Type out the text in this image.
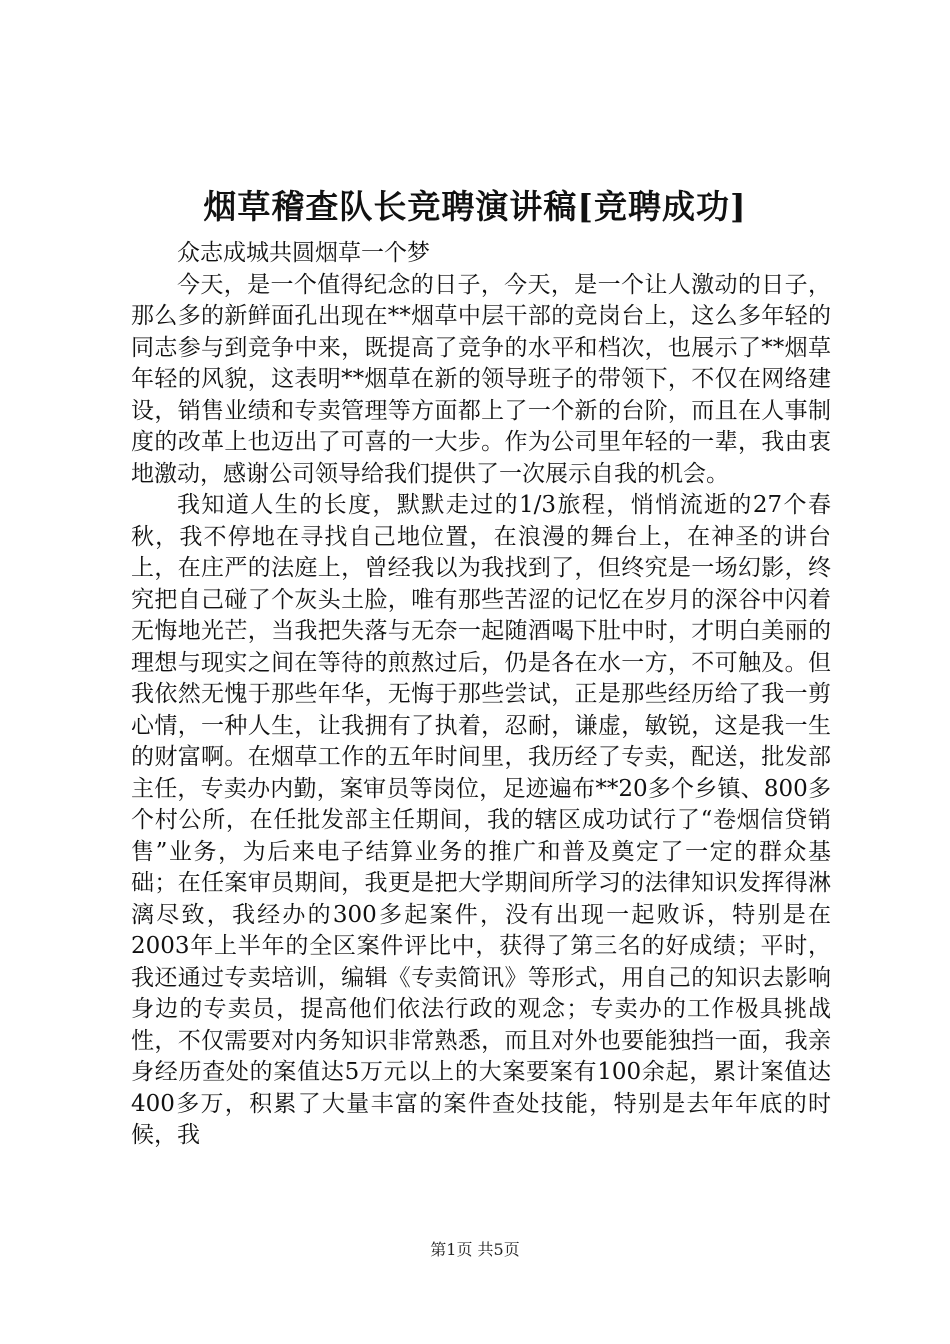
烟草稽查队长竞聘演讲稿[竞聘成功]

众志成城共圆烟草一个梦

今天，是一个值得纪念的日子，今天，是一个让人激动的日子，那么多的新鲜面孔出现在**烟草中层干部的竞岗台上，这么多年轻的同志参与到竞争中来，既提高了竞争的水平和档次，也展示了**烟草年轻的风貌，这表明**烟草在新的领导班子的带领下，不仅在网络建设，销售业绩和专卖管理等方面都上了一个新的台阶，而且在人事制度的改革上也迈出了可喜的一大步。作为公司里年轻的一辈，我由衷地激动，感谢公司领导给我们提供了一次展示自我的机会。

我知道人生的长度，默默走过的1/3旅程，悄悄流逝的27个春秋，我不停地在寻找自己地位置，在浪漫的舞台上，在神圣的讲台上，在庄严的法庭上，曾经我以为我找到了，但终究是一场幻影，终究把自己碰了个灰头土脸，唯有那些苦涩的记忆在岁月的深谷中闪着无悔地光芒，当我把失落与无奈一起随酒喝下肚中时，才明白美丽的理想与现实之间在等待的煎熬过后，仍是各在水一方，不可触及。但我依然无愧于那些年华，无悔于那些尝试，正是那些经历给了我一剪心情，一种人生，让我拥有了执着，忍耐，谦虚，敏锐，这是我一生的财富啊。在烟草工作的五年时间里，我历经了专卖，配送，批发部主任，专卖办内勤，案审员等岗位，足迹遍布**20多个乡镇、800多个村公所，在任批发部主任期间，我的辖区成功试行了“卷烟信贷销售”业务，为后来电子结算业务的推广和普及奠定了一定的群众基础；在任案审员期间，我更是把大学期间所学习的法律知识发挥得淋漓尽致，我经办的300多起案件，没有出现一起败诉，特别是在2003年上半年的全区案件评比中，获得了第三名的好成绩；平时，我还通过专卖培训，编辑《专卖简讯》等形式，用自己的知识去影响身边的专卖员，提高他们依法行政的观念；专卖办的工作极具挑战性，不仅需要对内务知识非常熟悉，而且对外也要能独挡一面，我亲身经历查处的案值达5万元以上的大案要案有100余起，累计案值达400多万，积累了大量丰富的案件查处技能，特别是去年年底的时候，我

第1页 共5页
